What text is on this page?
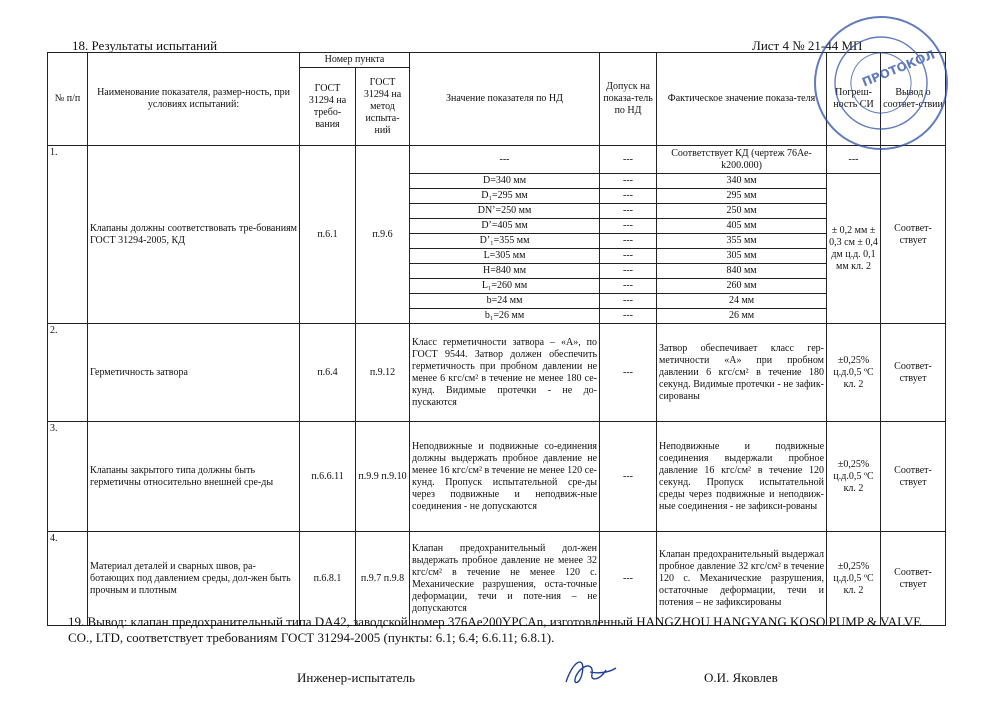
18. Результаты испытаний	Лист 4 № 21-44 МП
№ п/п	Наименование показателя, размер-ность, при условиях испытаний:	Номер пункта		Значение показателя по НД	Допуск на показа-тель по НД	Фактическое значение показа-теля	Погреш-ность СИ	Вывод о соответ-ствии
		ГОСТ 31294 на требо-вания	ГОСТ 31294 на метод испыта-ний					
1.	Клапаны должны соответствовать тре-бованиям ГОСТ 31294-2005, КД	п.6.1	п.9.6	---	---	Соответствует КД (чертеж 76Ае-k200.000)	---	Соответ-ствует
				D=340 мм	---	340 мм	± 0,2 мм ± 0,3 см ± 0,4 дм ц.д. 0,1 мм кл. 2	
				D₁=295 мм	---	295 мм		
				DN’=250 мм	---	250 мм		
				D’=405 мм	---	405 мм		
				D’₁=355 мм	---	355 мм		
				L=305 мм	---	305 мм		
				H=840 мм	---	840 мм		
				L₁=260 мм	---	260 мм		
				b=24 мм	---	24 мм		
				b₁=26 мм	---	26 мм		
2.	Герметичность затвора	п.6.4	п.9.12	Класс герметичности затвора – «А», по ГОСТ 9544. Затвор должен обеспечить герметичность при пробном давлении не менее 6 кгс/см² в течение не менее 180 се-кунд. Видимые протечки - не до-пускаются	---	Затвор обеспечивает класс гер-метичности «А» при пробном давлении 6 кгс/см² в течение 180 секунд. Видимые протечки - не зафик-сированы	±0,25% ц.д.0,5 ºС кл. 2	Соответ-ствует
3.	Клапаны закрытого типа должны быть герметичны относительно внешней сре-ды	п.6.6.11	п.9.9 п.9.10	Неподвижные и подвижные со-единения должны выдержать пробное давление не менее 16 кгс/см² в течение не менее 120 се-кунд. Пропуск испытательной сре-ды через подвижные и неподвиж-ные соединения - не допускаются	---	Неподвижные и подвижные соединения выдержали пробное давление 16 кгс/см² в течение 120 секунд. Пропуск испытательной среды через подвижные и неподвиж-ные соединения - не зафикси-рованы	±0,25% ц.д.0,5 ºС кл. 2	Соответ-ствует
4.	Материал деталей и сварных швов, ра-ботающих под давлением среды, дол-жен быть прочным и плотным	п.6.8.1	п.9.7 п.9.8	Клапан предохранительный дол-жен выдержать пробное давление не менее 32 кгс/см² в течение не менее 120 с. Механические разрушения, оста-точные деформации, течи и поте-ния – не допускаются	---	Клапан предохранительный выдержал пробное давление 32 кгс/см² в течение 120 с. Механические разрушения, остаточные деформации, течи и потения – не зафиксированы	±0,25% ц.д.0,5 ºС кл. 2	Соответ-ствует
19. Вывод: клапан предохранительный типа DA42, заводской номер 376Ae200YPCAn, изготовленный HANGZHOU HANGYANG KOSO PUMP & VALVE CO., LTD, соответствует требованиям ГОСТ 31294-2005 (пункты: 6.1; 6.4; 6.6.11; 6.8.1).
Инженер-испытатель	О.И. Яковлев
ПРОТОКОЛ
